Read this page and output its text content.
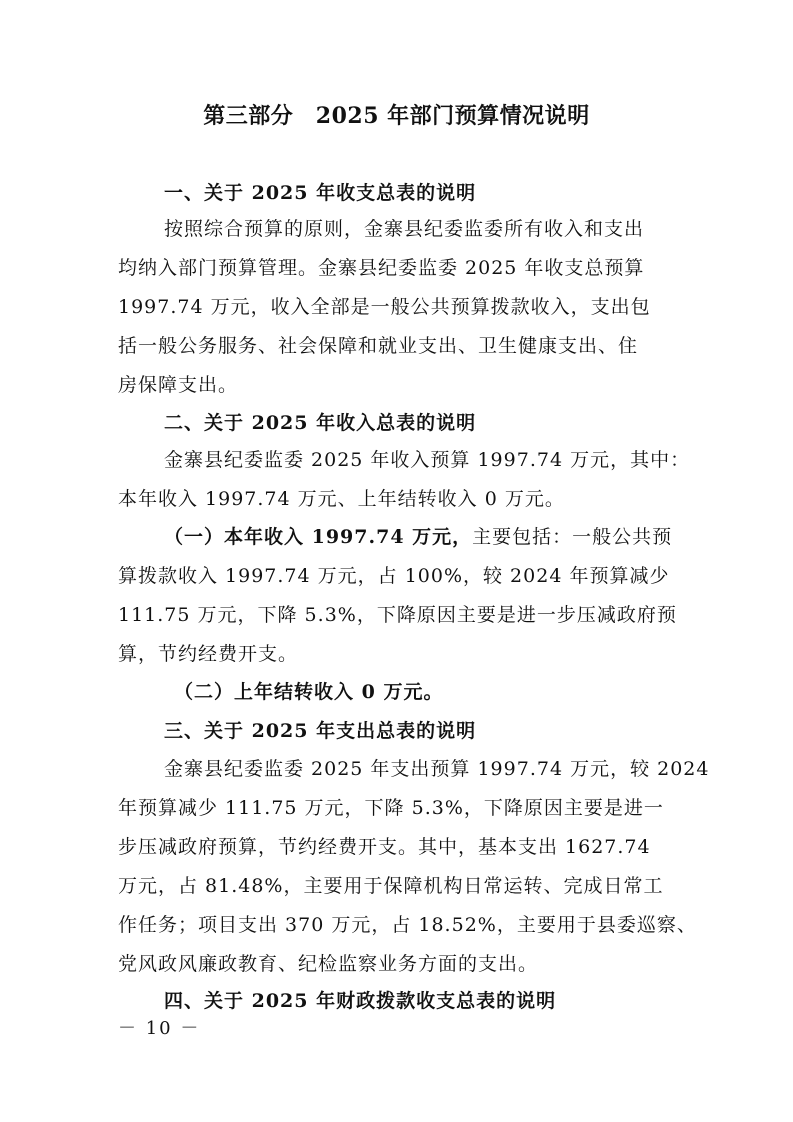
第三部分　2025 年部门预算情况说明
一、关于 2025 年收支总表的说明
按照综合预算的原则，金寨县纪委监委所有收入和支出
均纳入部门预算管理。金寨县纪委监委 2025 年收支总预算
1997.74 万元，收入全部是一般公共预算拨款收入，支出包
括一般公务服务、社会保障和就业支出、卫生健康支出、住
房保障支出。
二、关于 2025 年收入总表的说明
金寨县纪委监委 2025 年收入预算 1997.74 万元，其中：
本年收入 1997.74 万元、上年结转收入 0 万元。
（一）本年收入 1997.74 万元，主要包括：一般公共预
算拨款收入 1997.74 万元，占 100%，较 2024 年预算减少
111.75 万元，下降 5.3%，下降原因主要是进一步压减政府预
算，节约经费开支。
（二）上年结转收入 0 万元。
三、关于 2025 年支出总表的说明
金寨县纪委监委 2025 年支出预算 1997.74 万元，较 2024
年预算减少 111.75 万元，下降 5.3%，下降原因主要是进一
步压减政府预算，节约经费开支。其中，基本支出 1627.74
万元，占 81.48%，主要用于保障机构日常运转、完成日常工
作任务；项目支出 370 万元，占 18.52%，主要用于县委巡察、
党风政风廉政教育、纪检监察业务方面的支出。
四、关于 2025 年财政拨款收支总表的说明
－ 10 －
